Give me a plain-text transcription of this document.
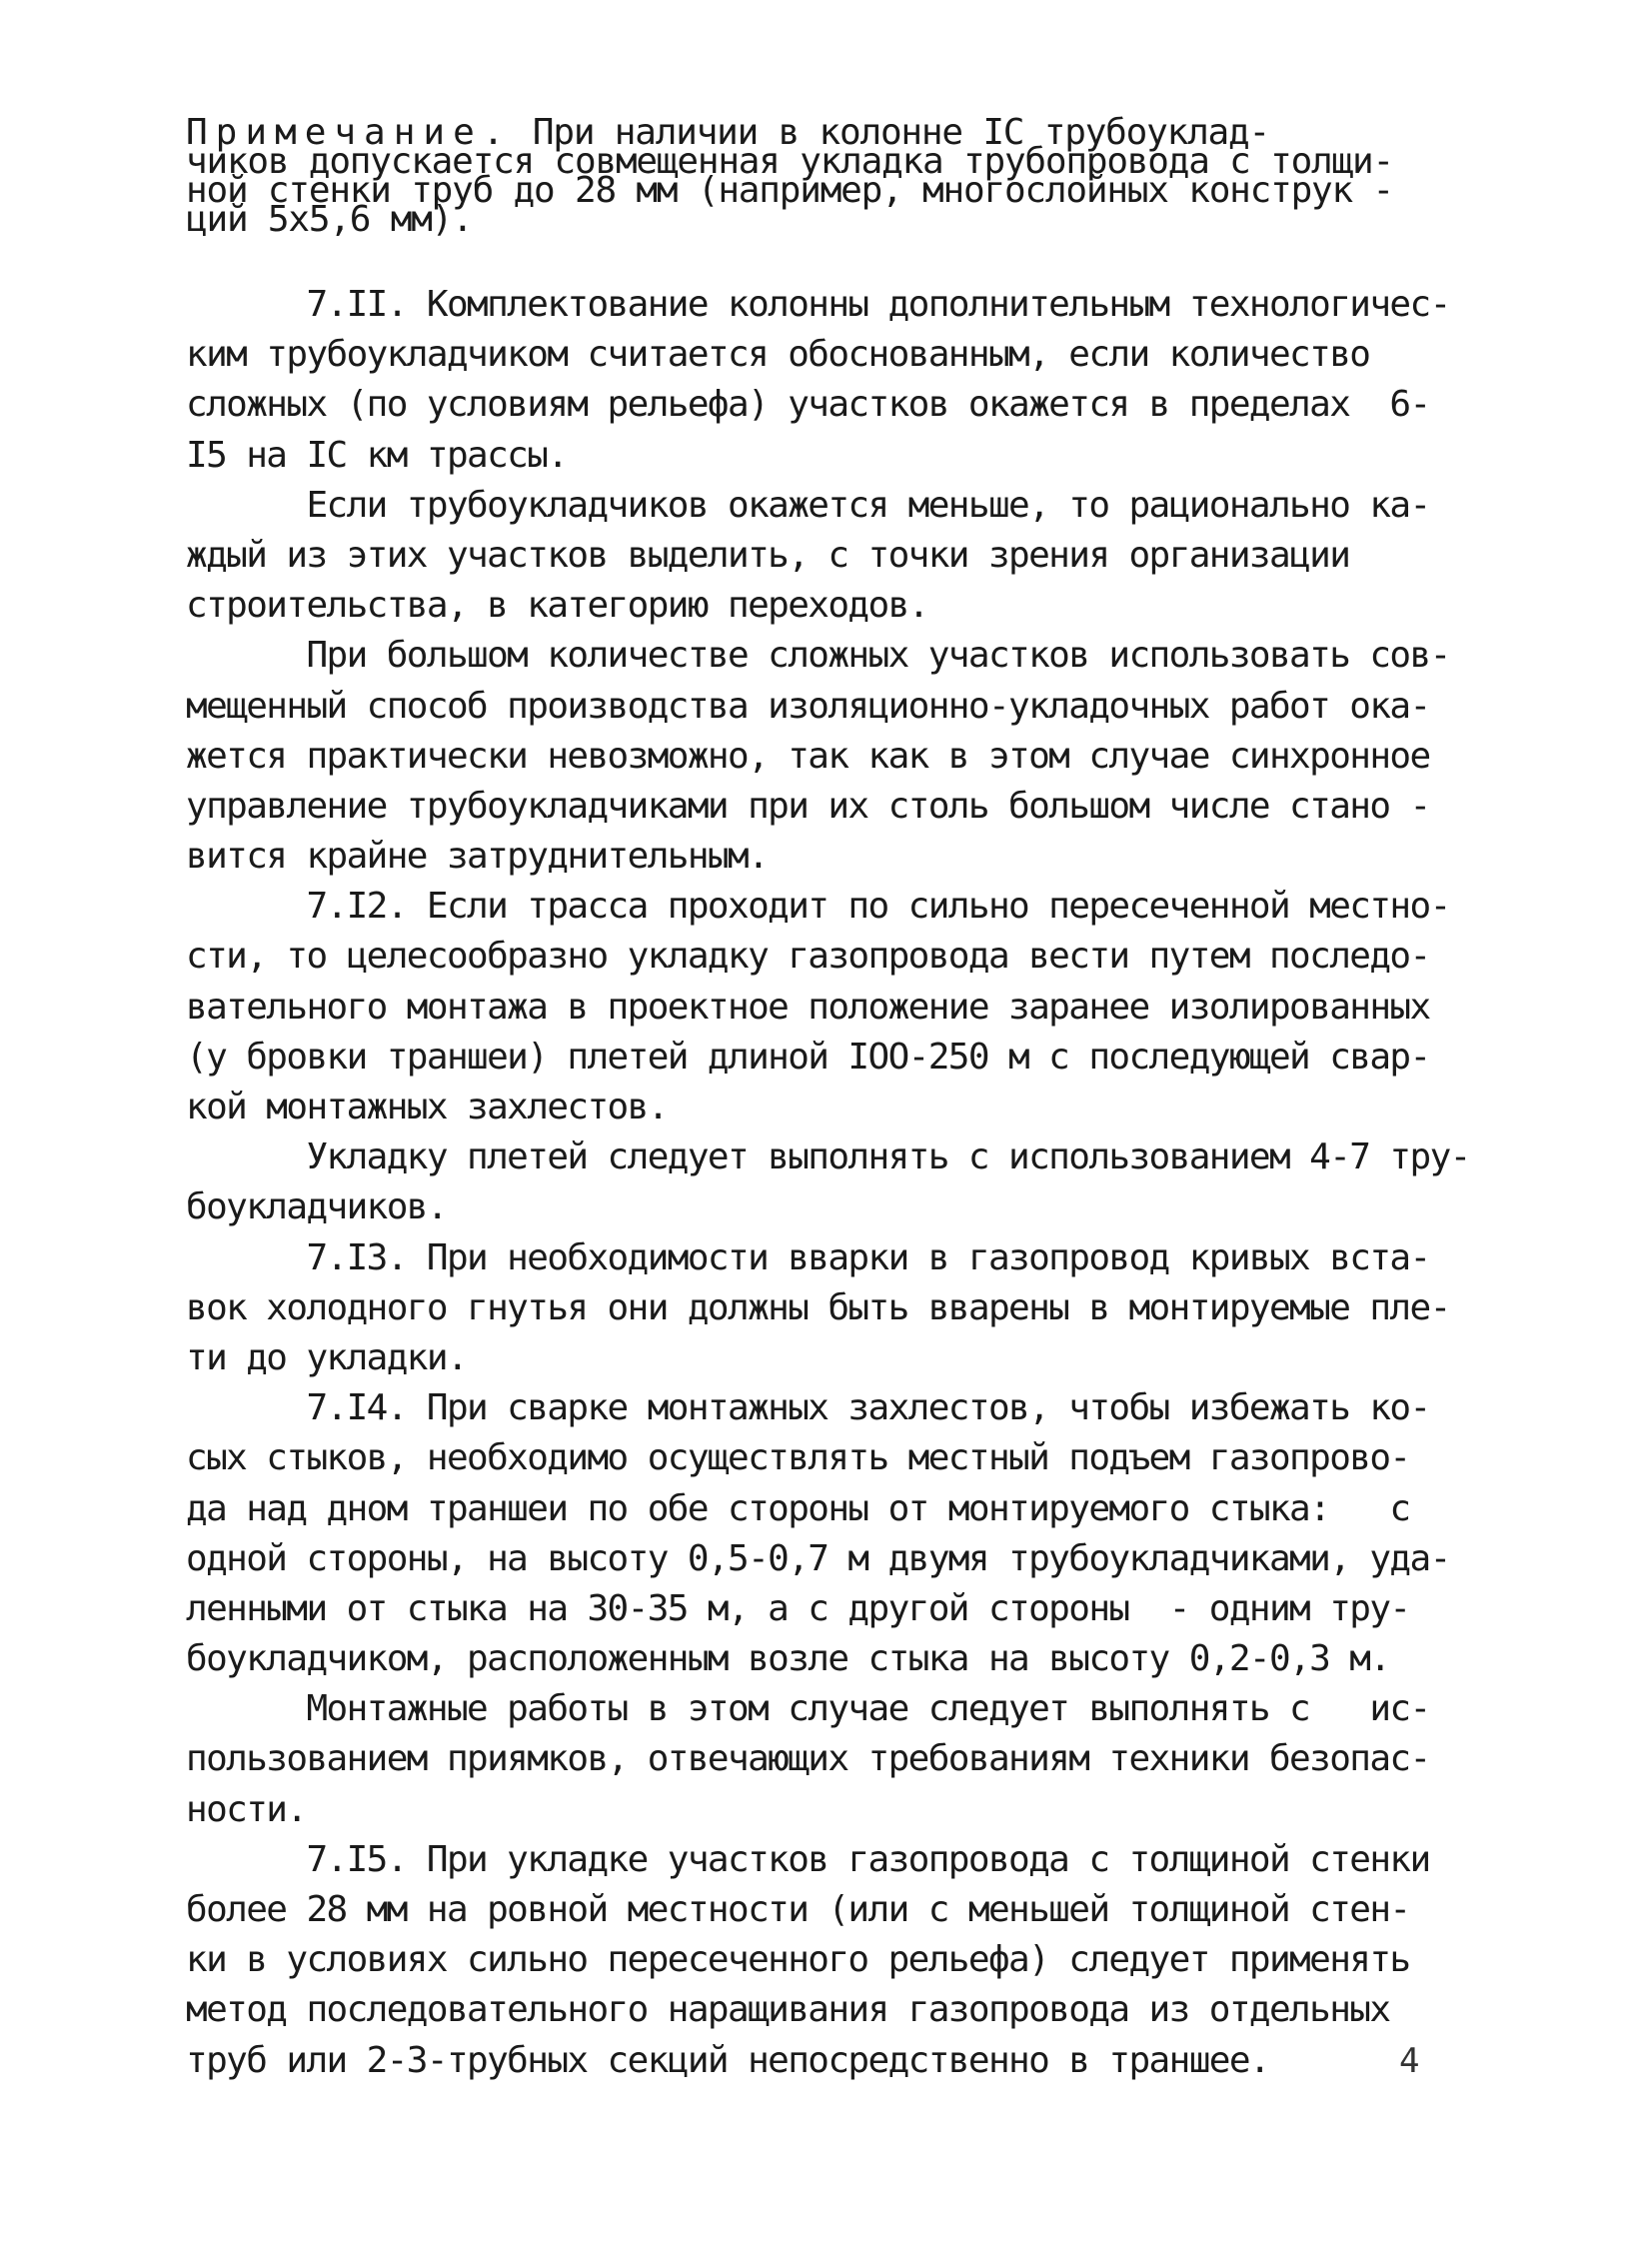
Примечание. При наличии в колонне IС трубоуклад-
чиков допускается совмещенная укладка трубопровода с толщи-
ной стенки труб до 28 мм (например, многослойных конструк -
ций 5х5,6 мм).
7.II. Комплектование колонны дополнительным технологичес-
ким трубоукладчиком считается обоснованным, если количество
сложных (по условиям рельефа) участков окажется в пределах  6-
I5 на IС км трассы.
Если трубоукладчиков окажется меньше, то рационально ка-
ждый из этих участков выделить, с точки зрения организации
строительства, в категорию переходов.
При большом количестве сложных участков использовать сов-
мещенный способ производства изоляционно-укладочных работ ока-
жется практически невозможно, так как в этом случае синхронное
управление трубоукладчиками при их столь большом числе стано -
вится крайне затруднительным.
7.I2. Если трасса проходит по сильно пересеченной местно-
сти, то целесообразно укладку газопровода вести путем последо-
вательного монтажа в проектное положение заранее изолированных
(у бровки траншеи) плетей длиной IОО-250 м с последующей свар-
кой монтажных захлестов.
Укладку плетей следует выполнять с использованием 4-7 тру-
боукладчиков.
7.I3. При необходимости вварки в газопровод кривых вста-
вок холодного гнутья они должны быть вварены в монтируемые пле-
ти до укладки.
7.I4. При сварке монтажных захлестов, чтобы избежать ко-
сых стыков, необходимо осуществлять местный подъем газопрово-
да над дном траншеи по обе стороны от монтируемого стыка:   с
одной стороны, на высоту 0,5-0,7 м двумя трубоукладчиками, уда-
ленными от стыка на 30-35 м, а с другой стороны  - одним тру-
боукладчиком, расположенным возле стыка на высоту 0,2-0,3 м.
Монтажные работы в этом случае следует выполнять с   ис-
пользованием приямков, отвечающих требованиям техники безопас-
ности.
7.I5. При укладке участков газопровода с толщиной стенки
более 28 мм на ровной местности (или с меньшей толщиной стен-
ки в условиях сильно пересеченного рельефа) следует применять
метод последовательного наращивания газопровода из отдельных
труб или 2-3-трубных секций непосредственно в траншее.	4
